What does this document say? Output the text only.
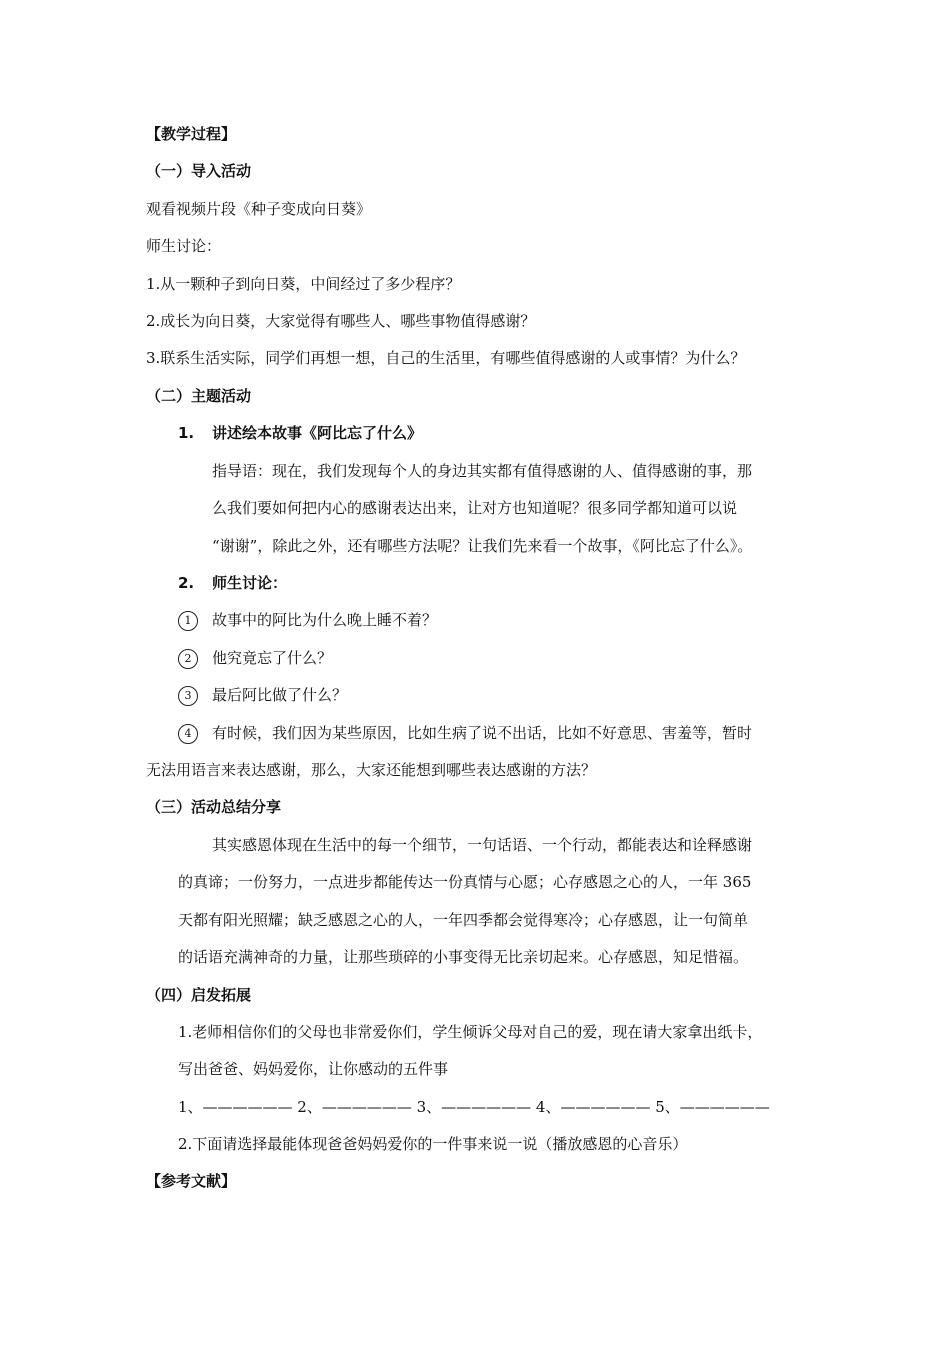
【教学过程】
（一）导入活动
观看视频片段《种子变成向日葵》
师生讨论：
1.从一颗种子到向日葵，中间经过了多少程序？
2.成长为向日葵，大家觉得有哪些人、哪些事物值得感谢？
3.联系生活实际，同学们再想一想，自己的生活里，有哪些值得感谢的人或事情？为什么？
（二）主题活动
1. 讲述绘本故事《阿比忘了什么》
指导语：现在，我们发现每个人的身边其实都有值得感谢的人、值得感谢的事，那
么我们要如何把内心的感谢表达出来，让对方也知道呢？很多同学都知道可以说
“谢谢”，除此之外，还有哪些方法呢？让我们先来看一个故事，《阿比忘了什么》。
2. 师生讨论：
1 故事中的阿比为什么晚上睡不着？
2 他究竟忘了什么？
3 最后阿比做了什么？
4 有时候，我们因为某些原因，比如生病了说不出话，比如不好意思、害羞等，暂时
无法用语言来表达感谢，那么，大家还能想到哪些表达感谢的方法？
（三）活动总结分享
其实感恩体现在生活中的每一个细节，一句话语、一个行动，都能表达和诠释感谢
的真谛；一份努力，一点进步都能传达一份真情与心愿；心存感恩之心的人，一年 365
天都有阳光照耀；缺乏感恩之心的人，一年四季都会觉得寒冷；心存感恩，让一句简单
的话语充满神奇的力量，让那些琐碎的小事变得无比亲切起来。心存感恩，知足惜福。
（四）启发拓展
1.老师相信你们的父母也非常爱你们，学生倾诉父母对自己的爱，现在请大家拿出纸卡，
写出爸爸、妈妈爱你，让你感动的五件事
1、—————— 2、—————— 3、—————— 4、—————— 5、——————
2.下面请选择最能体现爸爸妈妈爱你的一件事来说一说（播放感恩的心音乐）
【参考文献】
